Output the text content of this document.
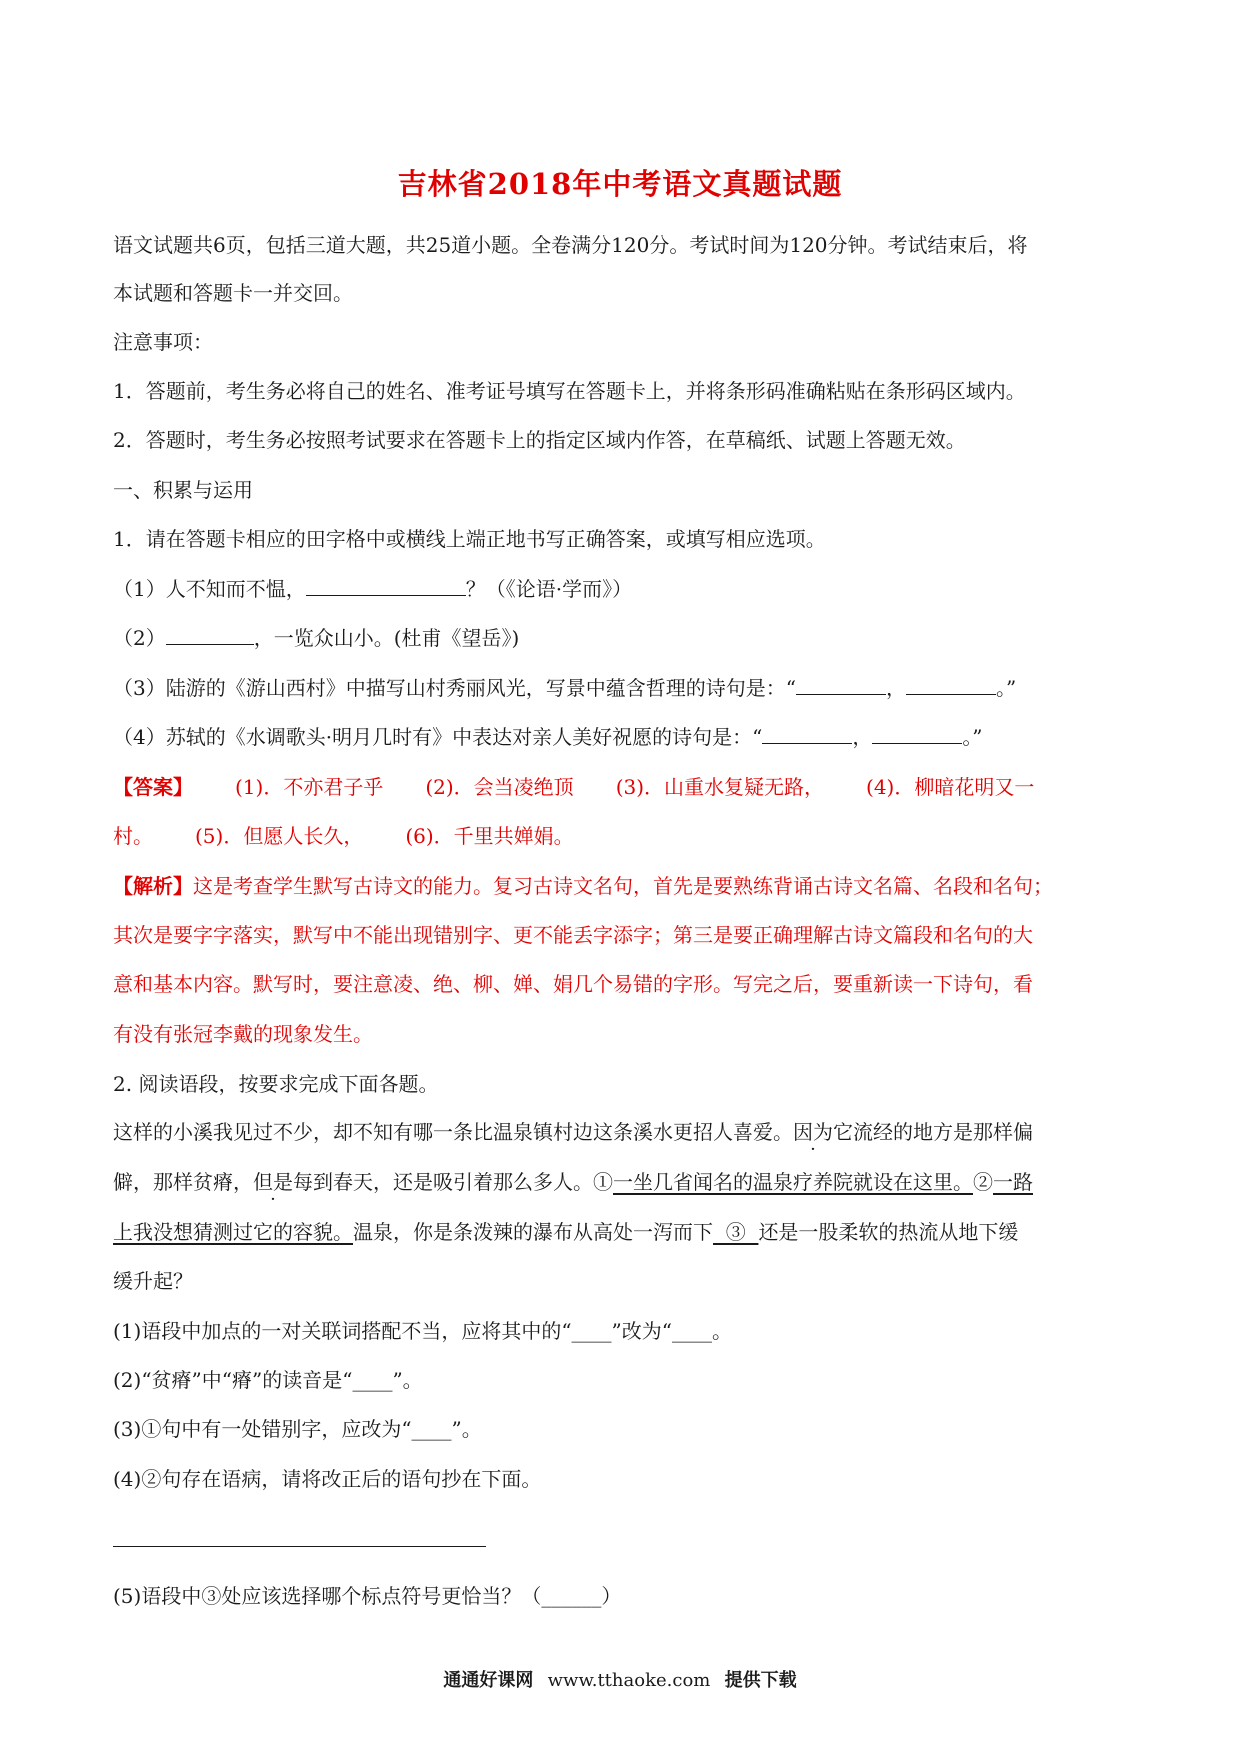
吉林省2018年中考语文真题试题
语文试题共6页，包括三道大题，共25道小题。全卷满分120分。考试时间为120分钟。考试结束后，将
本试题和答题卡一并交回。
注意事项：
1．答题前，考生务必将自己的姓名、准考证号填写在答题卡上，并将条形码准确粘贴在条形码区域内。
2．答题时，考生务必按照考试要求在答题卡上的指定区域内作答，在草稿纸、试题上答题无效。
一、积累与运用
1．请在答题卡相应的田字格中或横线上端正地书写正确答案，或填写相应选项。
（1）人不知而不愠，	？（《论语·学而》）
（2）	，一览众山小。(杜甫《望岳》)
（3）陆游的《游山西村》中描写山村秀丽风光，写景中蕴含哲理的诗句是：“	，	。”
（4）苏轼的《水调歌头·明月几时有》中表达对亲人美好祝愿的诗句是：“	，	。”
【答案】 (1)．不亦君子乎 (2)．会当凌绝顶 (3)．山重水复疑无路， (4)．柳暗花明又一
村。 (5)．但愿人长久， (6)．千里共婵娟。
【解析】这是考查学生默写古诗文的能力。复习古诗文名句，首先是要熟练背诵古诗文名篇、名段和名句；
其次是要字字落实，默写中不能出现错别字、更不能丢字添字；第三是要正确理解古诗文篇段和名句的大
意和基本内容。默写时，要注意凌、绝、柳、婵、娟几个易错的字形。写完之后，要重新读一下诗句，看
有没有张冠李戴的现象发生。
2. 阅读语段，按要求完成下面各题。
这样的小溪我见过不少，却不知有哪一条比温泉镇村边这条溪水更招人喜爱。因为它流经的地方是那样偏
僻，那样贫瘠，但是每到春天，还是吸引着那么多人。①一坐几省闻名的温泉疗养院就设在这里。②一路
上我没想猜测过它的容貌。温泉，你是条泼辣的瀑布从高处一泻而下  ③  还是一股柔软的热流从地下缓
缓升起？
(1)语段中加点的一对关联词搭配不当，应将其中的“____”改为“____。
(2)“贫瘠”中“瘠”的读音是“____”。
(3)①句中有一处错别字，应改为“____”。
(4)②句存在语病，请将改正后的语句抄在下面。
(5)语段中③处应该选择哪个标点符号更恰当？（______）
通通好课网 www.tthaoke.com 提供下载
